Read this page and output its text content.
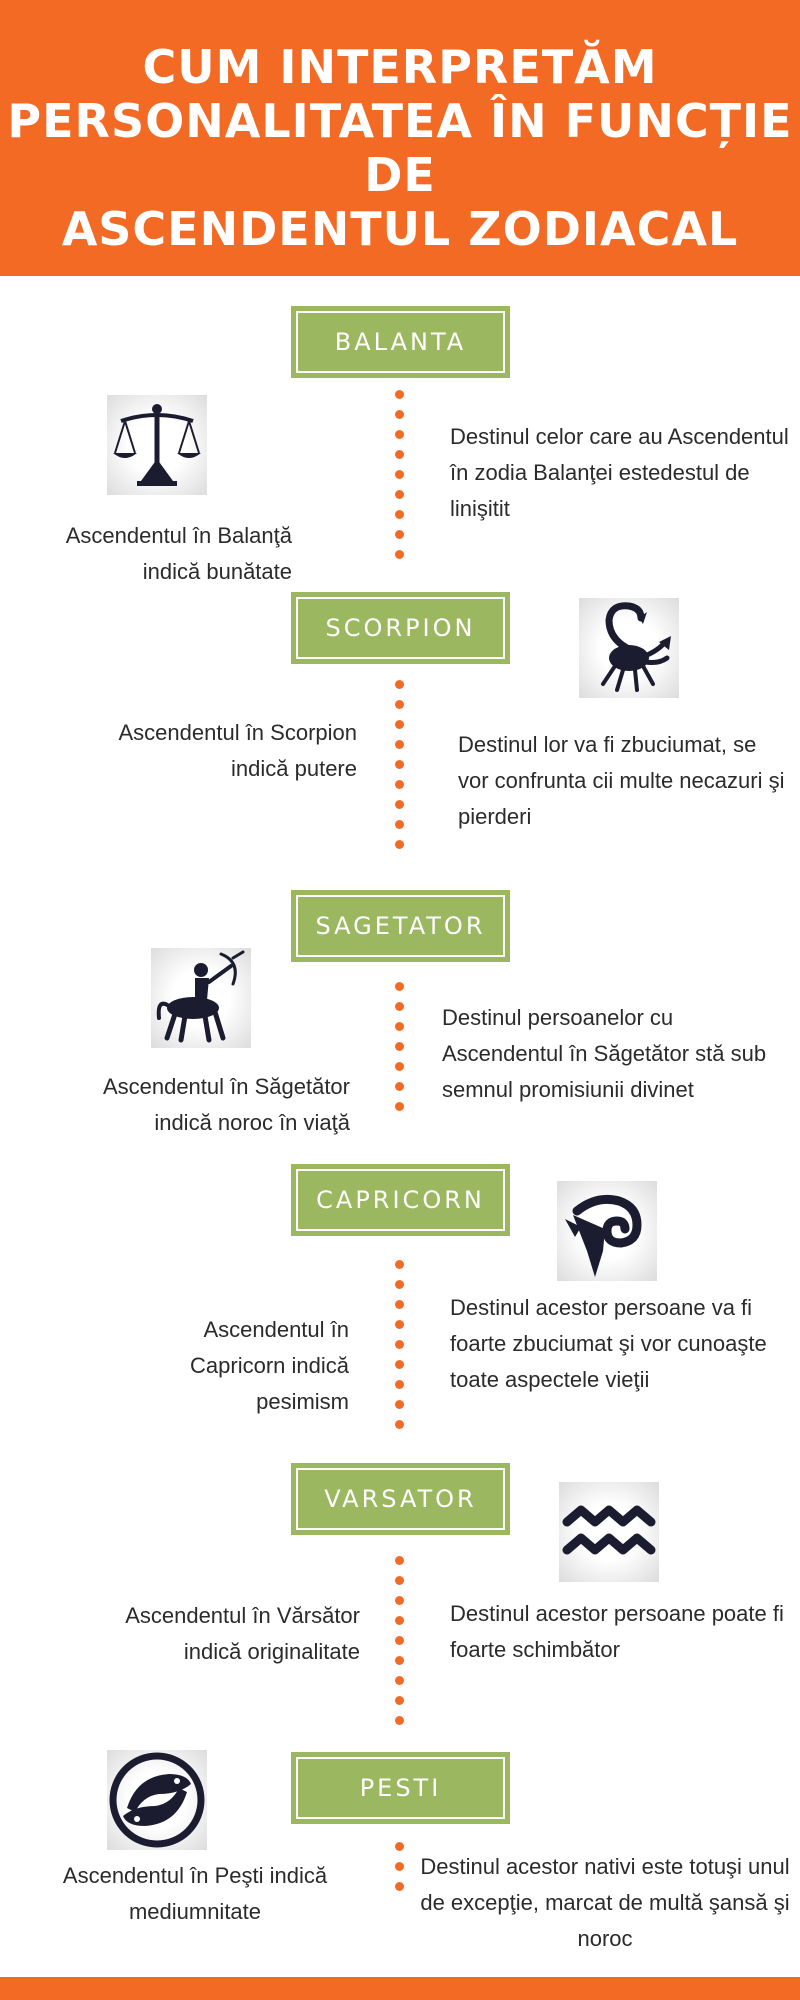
CUM INTERPRETĂM
PERSONALITATEA ÎN FUNCȚIE DE
ASCENDENTUL ZODIACAL
BALANTA
Ascendentul în Balanţă indică bunătate
Destinul celor care au Ascendentul în zodia Balanţei estedestul de linişitit
SCORPION
Ascendentul în Scorpion indică putere
Destinul lor va fi zbuciumat, se vor confrunta cii multe necazuri şi pierderi
SAGETATOR
Ascendentul în Săgetător indică noroc în viaţă
Destinul persoanelor cu Ascendentul în Săgetător stă sub semnul promisiunii divinet
CAPRICORN
Ascendentul în Capricorn indică pesimism
Destinul acestor persoane va fi foarte zbuciumat şi vor cunoaşte toate aspectele vieţii
VARSATOR
Ascendentul în Vărsător indică originalitate
Destinul acestor persoane poate fi foarte schimbător
PESTI
Ascendentul în Peşti indică mediumnitate
Destinul acestor nativi este totuşi unul de excepţie, marcat de multă şansă şi noroc
